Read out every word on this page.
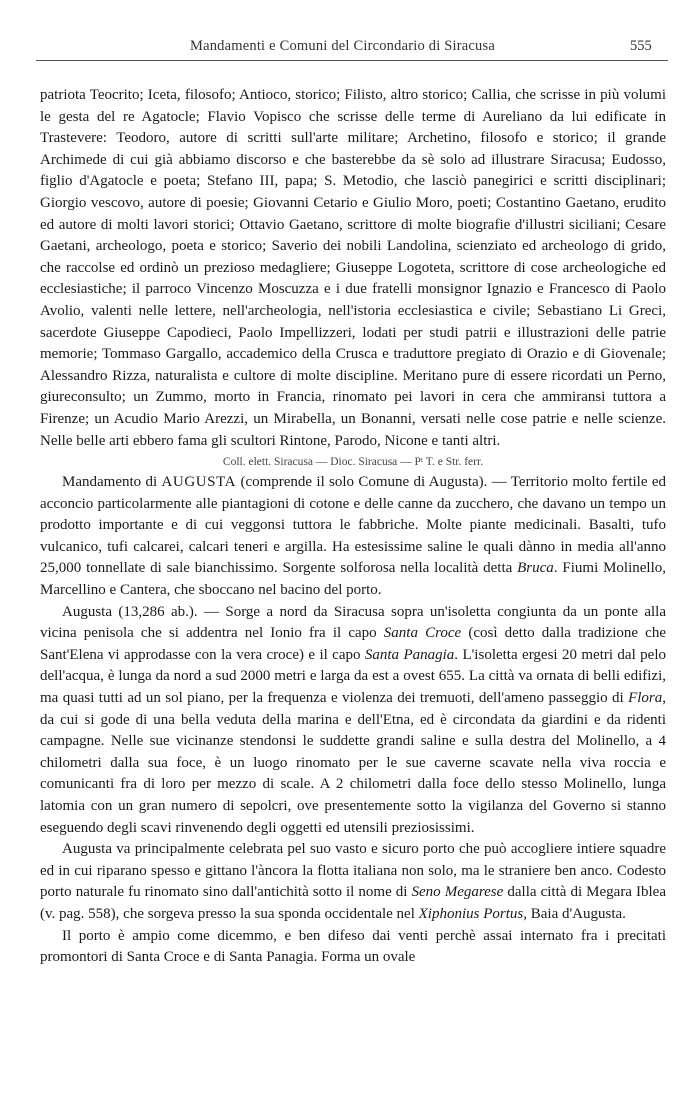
Mandamenti e Comuni del Circondario di Siracusa	555

patriota Teocrito; Iceta, filosofo; Antioco, storico; Filisto, altro storico; Callia, che scrisse in più volumi le gesta del re Agatocle; Flavio Vopisco che scrisse delle terme di Aureliano da lui edificate in Trastevere: Teodoro, autore di scritti sull'arte militare; Archetino, filosofo e storico; il grande Archimede di cui già abbiamo discorso e che basterebbe da sè solo ad illustrare Siracusa; Eudosso, figlio d'Agatocle e poeta; Stefano III, papa; S. Metodio, che lasciò panegirici e scritti disciplinari; Giorgio vescovo, autore di poesie; Giovanni Cetario e Giulio Moro, poeti; Costantino Gaetano, erudito ed autore di molti lavori storici; Ottavio Gaetano, scrittore di molte biografie d'illustri siciliani; Cesare Gaetani, archeologo, poeta e storico; Saverio dei nobili Landolina, scienziato ed archeologo di grido, che raccolse ed ordinò un prezioso medagliere; Giuseppe Logoteta, scrittore di cose archeologiche ed ecclesiastiche; il parroco Vincenzo Moscuzza e i due fratelli monsignor Ignazio e Francesco di Paolo Avolio, valenti nelle lettere, nell'archeologia, nell'istoria ecclesiastica e civile; Sebastiano Li Greci, sacerdote Giuseppe Capodieci, Paolo Impellizzeri, lodati per studi patrii e illustrazioni delle patrie memorie; Tommaso Gargallo, accademico della Crusca e traduttore pregiato di Orazio e di Giovenale; Alessandro Rizza, naturalista e cultore di molte discipline. Meritano pure di essere ricordati un Perno, giureconsulto; un Zummo, morto in Francia, rinomato pei lavori in cera che ammiransi tuttora a Firenze; un Acudio Mario Arezzi, un Mirabella, un Bonanni, versati nelle cose patrie e nelle scienze. Nelle belle arti ebbero fama gli scultori Rintone, Parodo, Nicone e tanti altri.

Coll. elett. Siracusa — Dioc. Siracusa — Pᵗ T. e Str. ferr.

Mandamento di AUGUSTA (comprende il solo Comune di Augusta). — Territorio molto fertile ed acconcio particolarmente alle piantagioni di cotone e delle canne da zucchero, che davano un tempo un prodotto importante e di cui veggonsi tuttora le fabbriche. Molte piante medicinali. Basalti, tufo vulcanico, tufi calcarei, calcari teneri e argilla. Ha estesissime saline le quali dànno in media all'anno 25,000 tonnellate di sale bianchissimo. Sorgente solforosa nella località detta Bruca. Fiumi Molinello, Marcellino e Cantera, che sboccano nel bacino del porto.

Augusta (13,286 ab.). — Sorge a nord da Siracusa sopra un'isoletta congiunta da un ponte alla vicina penisola che si addentra nel Ionio fra il capo Santa Croce (così detto dalla tradizione che Sant'Elena vi approdasse con la vera croce) e il capo Santa Panagia. L'isoletta ergesi 20 metri dal pelo dell'acqua, è lunga da nord a sud 2000 metri e larga da est a ovest 655. La città va ornata di belli edifizi, ma quasi tutti ad un sol piano, per la frequenza e violenza dei tremuoti, dell'ameno passeggio di Flora, da cui si gode di una bella veduta della marina e dell'Etna, ed è circondata da giardini e da ridenti campagne. Nelle sue vicinanze stendonsi le suddette grandi saline e sulla destra del Molinello, a 4 chilometri dalla sua foce, è un luogo rinomato per le sue caverne scavate nella viva roccia e comunicanti fra di loro per mezzo di scale. A 2 chilometri dalla foce dello stesso Molinello, lunga latomia con un gran numero di sepolcri, ove presentemente sotto la vigilanza del Governo si stanno eseguendo degli scavi rinvenendo degli oggetti ed utensili preziosissimi.

Augusta va principalmente celebrata pel suo vasto e sicuro porto che può accogliere intiere squadre ed in cui riparano spesso e gittano l'àncora la flotta italiana non solo, ma le straniere ben anco. Codesto porto naturale fu rinomato sino dall'antichità sotto il nome di Seno Megarese dalla città di Megara Iblea (v. pag. 558), che sorgeva presso la sua sponda occidentale nel Xiphonius Portus, Baia d'Augusta.

Il porto è ampio come dicemmo, e ben difeso dai venti perchè assai internato fra i precitati promontori di Santa Croce e di Santa Panagia. Forma un ovale
